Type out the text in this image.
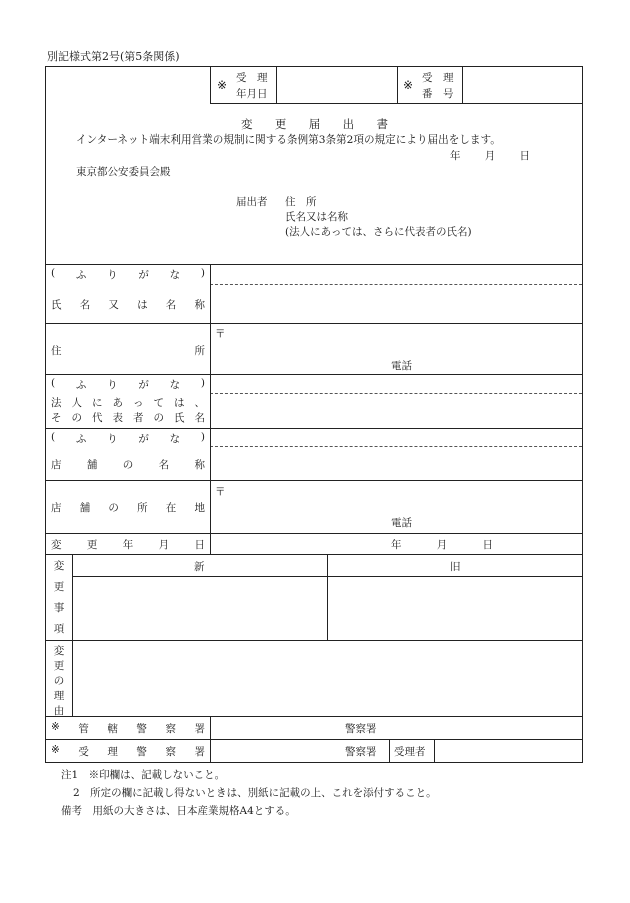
別記様式第2号(第5条関係)
※ 受　理
年月日
※ 受　理
番　号
変 更 届 出 書
インターネット端末利用営業の規制に関する条例第3条第2項の規定により届出をします。
年 月 日
東京都公安委員会殿
届出者 住　所
氏名又は名称
(法人にあっては、さらに代表者の氏名)
( ふ り が な )
氏 名 又 は 名 称
住	所
〒
電話
( ふ り が な )
法 人 に あ っ て は 、
そ の 代 表 者 の 氏 名
( ふ り が な )
店 舗 の 名 称
店 舗 の 所 在 地
〒
電話
変 更 年 月 日	年	月	日
変
更
事
項
新	旧
変
更
の
理
由
※ 管 轄 警 察 署	警察署
※ 受 理 警 察 署	警察署 受理者
注1　※印欄は、記載しないこと。
2　所定の欄に記載し得ないときは、別紙に記載の上、これを添付すること。
備考　用紙の大きさは、日本産業規格A4とする。
